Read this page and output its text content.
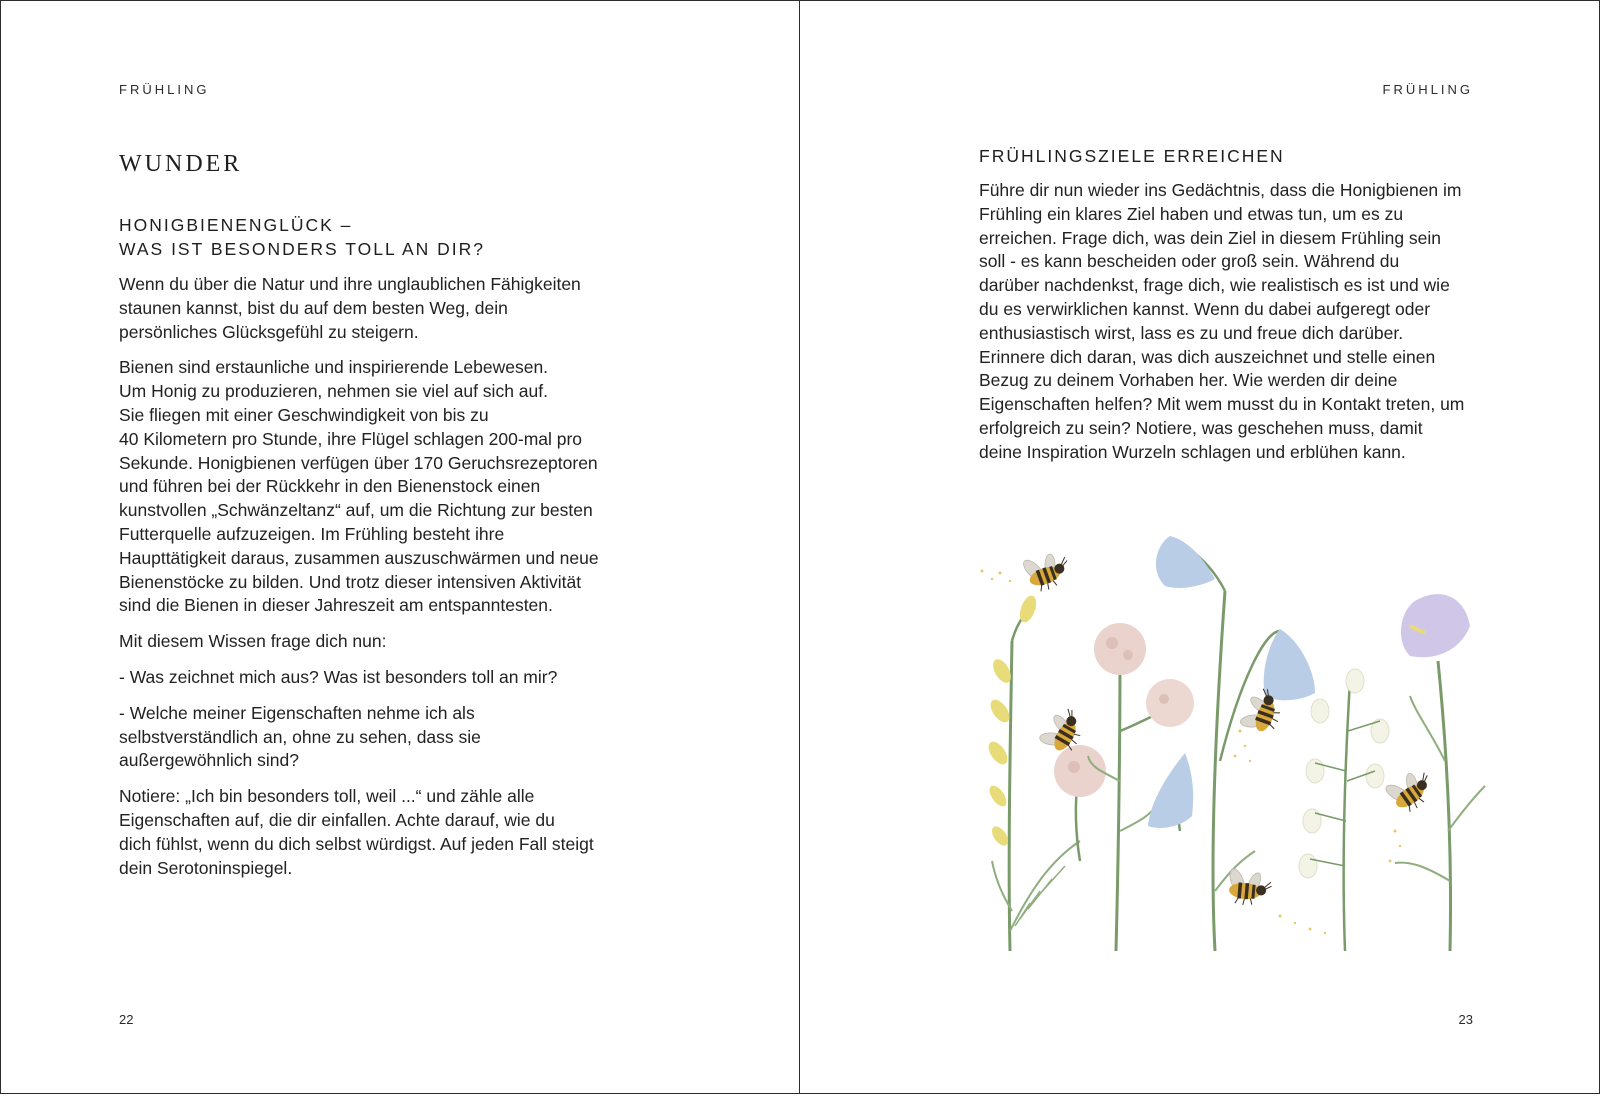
FRÜHLING
WUNDER
HONIGBIENENGLÜCK –
WAS IST BESONDERS TOLL AN DIR?

Wenn du über die Natur und ihre unglaublichen Fähigkeiten
staunen kannst, bist du auf dem besten Weg, dein
persönliches Glücksgefühl zu steigern.

Bienen sind erstaunliche und inspirierende Lebewesen.
Um Honig zu produzieren, nehmen sie viel auf sich auf.
Sie fliegen mit einer Geschwindigkeit von bis zu
40 Kilometern pro Stunde, ihre Flügel schlagen 200-mal pro
Sekunde. Honigbienen verfügen über 170 Geruchsrezeptoren
und führen bei der Rückkehr in den Bienenstock einen
kunstvollen „Schwänzeltanz“ auf, um die Richtung zur besten
Futterquelle aufzuzeigen. Im Frühling besteht ihre
Haupttätigkeit daraus, zusammen auszuschwärmen und neue
Bienenstöcke zu bilden. Und trotz dieser intensiven Aktivität
sind die Bienen in dieser Jahreszeit am entspanntesten.

Mit diesem Wissen frage dich nun:

- Was zeichnet mich aus? Was ist besonders toll an mir?

- Welche meiner Eigenschaften nehme ich als
selbstverständlich an, ohne zu sehen, dass sie
außergewöhnlich sind?

Notiere: „Ich bin besonders toll, weil ...“ und zähle alle
Eigenschaften auf, die dir einfallen. Achte darauf, wie du
dich fühlst, wenn du dich selbst würdigst. Auf jeden Fall steigt
dein Serotoninspiegel.

22
FRÜHLING
FRÜHLINGSZIELE ERREICHEN

Führe dir nun wieder ins Gedächtnis, dass die Honigbienen im
Frühling ein klares Ziel haben und etwas tun, um es zu
erreichen. Frage dich, was dein Ziel in diesem Frühling sein
soll - es kann bescheiden oder groß sein. Während du
darüber nachdenkst, frage dich, wie realistisch es ist und wie
du es verwirklichen kannst. Wenn du dabei aufgeregt oder
enthusiastisch wirst, lass es zu und freue dich darüber.
Erinnere dich daran, was dich auszeichnet und stelle einen
Bezug zu deinem Vorhaben her. Wie werden dir deine
Eigenschaften helfen? Mit wem musst du in Kontakt treten, um
erfolgreich zu sein? Notiere, was geschehen muss, damit
deine Inspiration Wurzeln schlagen und erblühen kann.

23
